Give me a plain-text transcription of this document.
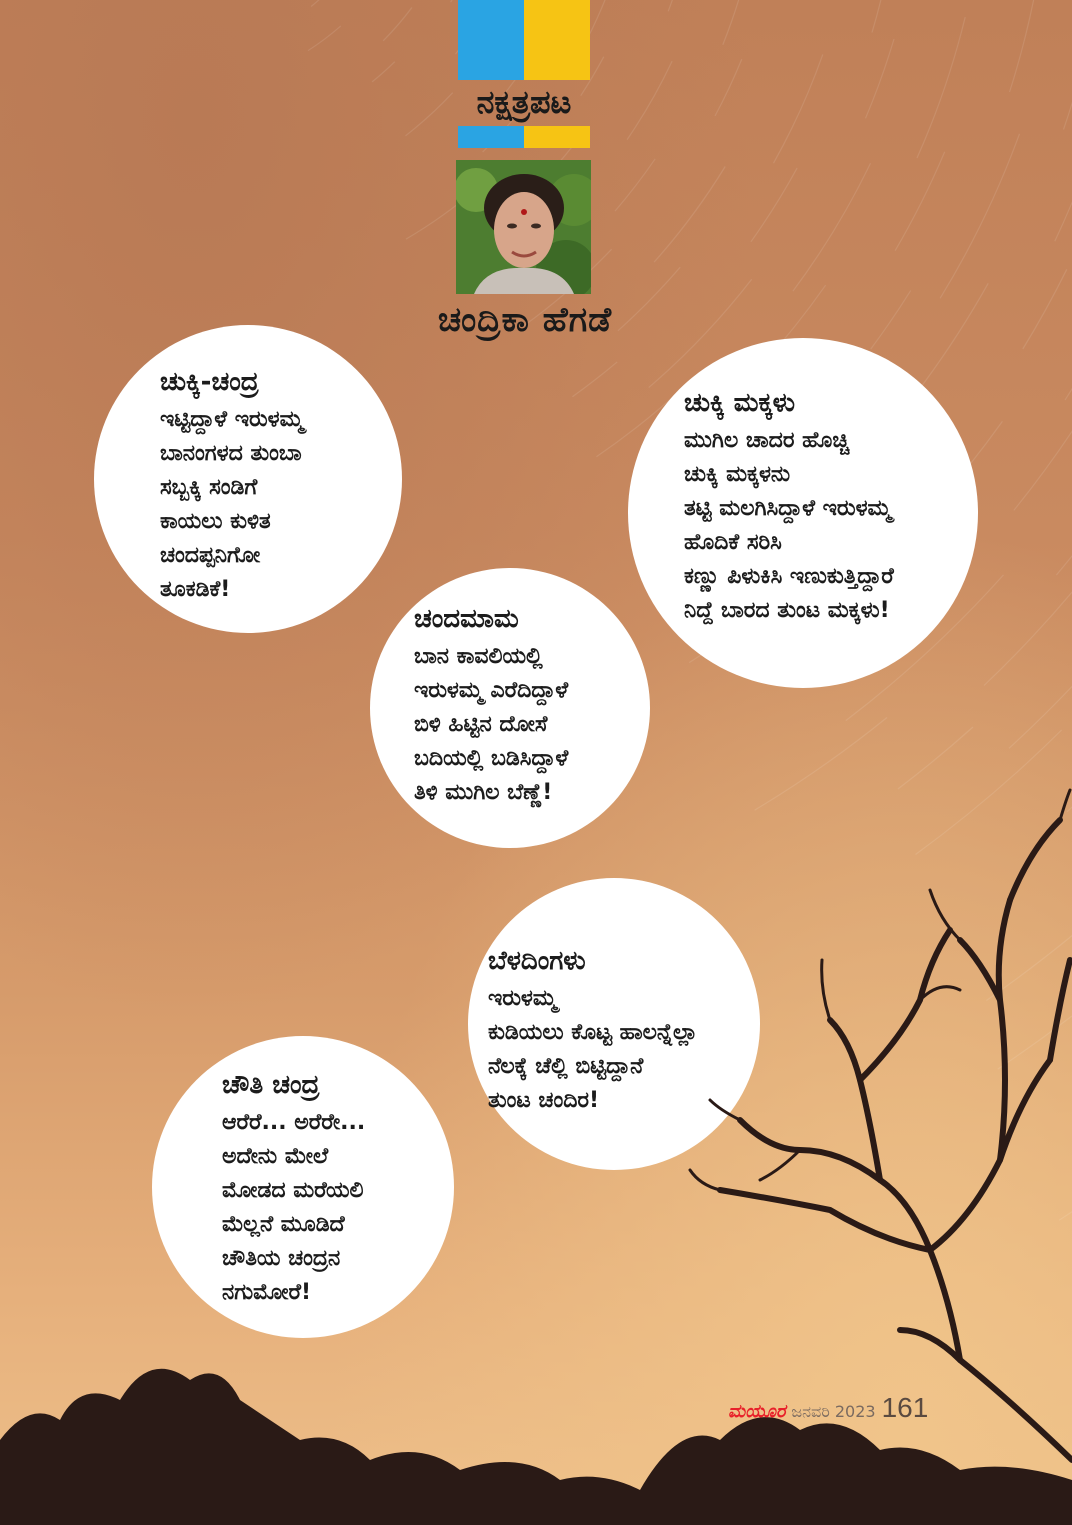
ನಕ್ಷತ್ರಪಟ
ಚಂದ್ರಿಕಾ ಹೆಗಡೆ
ಚುಕ್ಕಿ-ಚಂದ್ರ
ಇಟ್ಟಿದ್ದಾಳೆ ಇರುಳಮ್ಮ
ಬಾನಂಗಳದ ತುಂಬಾ
ಸಬ್ಬಕ್ಕಿ ಸಂಡಿಗೆ
ಕಾಯಲು ಕುಳಿತ
ಚಂದಪ್ಪನಿಗೋ
ತೂಕಡಿಕೆ!
ಚುಕ್ಕಿ ಮಕ್ಕಳು
ಮುಗಿಲ ಚಾದರ ಹೊಚ್ಚಿ
ಚುಕ್ಕಿ ಮಕ್ಕಳನು
ತಟ್ಟಿ ಮಲಗಿಸಿದ್ದಾಳೆ ಇರುಳಮ್ಮ
ಹೊದಿಕೆ ಸರಿಸಿ
ಕಣ್ಣು ಪಿಳುಕಿಸಿ ಇಣುಕುತ್ತಿದ್ದಾರೆ
ನಿದ್ದೆ ಬಾರದ ತುಂಟ ಮಕ್ಕಳು!
ಚಂದಮಾಮ
ಬಾನ ಕಾವಲಿಯಲ್ಲಿ
ಇರುಳಮ್ಮ ಎರೆದಿದ್ದಾಳೆ
ಬಿಳಿ ಹಿಟ್ಟಿನ ದೋಸೆ
ಬದಿಯಲ್ಲಿ ಬಡಿಸಿದ್ದಾಳೆ
ತಿಳಿ ಮುಗಿಲ ಬೆಣ್ಣೆ!
ಬೆಳದಿಂಗಳು
ಇರುಳಮ್ಮ
ಕುಡಿಯಲು ಕೊಟ್ಟ ಹಾಲನ್ನೆಲ್ಲಾ
ನೆಲಕ್ಕೆ ಚೆಲ್ಲಿ ಬಿಟ್ಟಿದ್ದಾನೆ
ತುಂಟ ಚಂದಿರ!
ಚೌತಿ ಚಂದ್ರ
ಆರೆರೆ... ಅರೆರೇ...
ಅದೇನು ಮೇಲೆ
ಮೋಡದ ಮರೆಯಲಿ
ಮೆಲ್ಲನೆ ಮೂಡಿದೆ
ಚೌತಿಯ ಚಂದ್ರನ
ನಗುಮೋರೆ!
ಮಯೂರ ಜನವರಿ 2023 161
